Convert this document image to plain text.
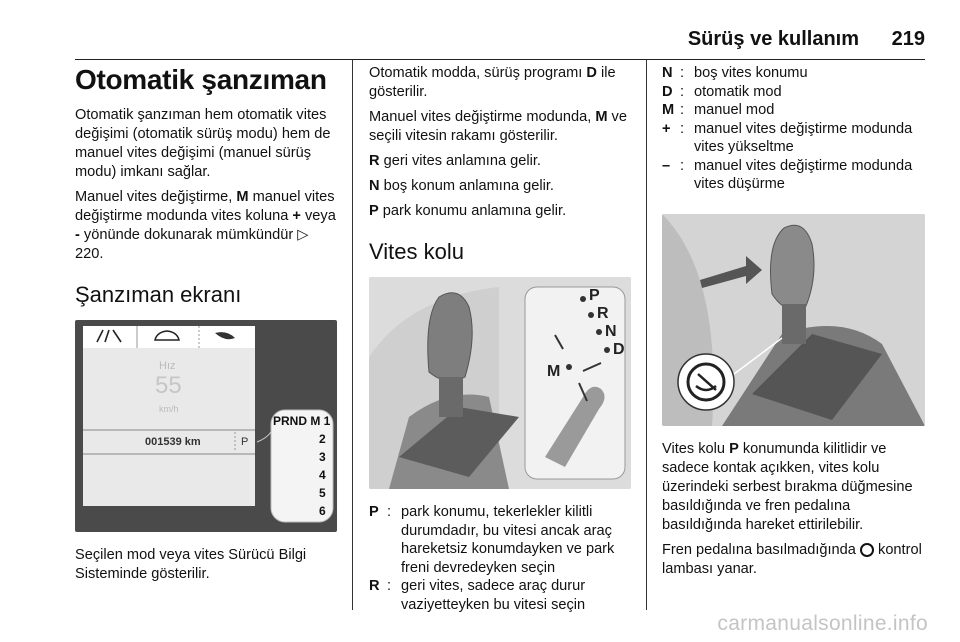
Sürüş ve kullanım 219
Otomatik şanzıman

Otomatik şanzıman hem otomatik vites değişimi (otomatik sürüş modu) hem de manuel vites değişimi (manuel sürüş modu) imkanı sağlar.

Manuel vites değiştirme, M manuel vites değiştirme modunda vites koluna + veya - yönünde dokunarak mümkündür ▷ 220.

Şanzıman ekranı
Hız
55
km/h
001539 km	P
PRND M 1
2
3
4
5
6

Seçilen mod veya vites Sürücü Bilgi Sisteminde gösterilir.

Otomatik modda, sürüş programı D ile gösterilir.

Manuel vites değiştirme modunda, M ve seçili vitesin rakamı gösterilir.

R geri vites anlamına gelir.

N boş konum anlamına gelir.

P park konumu anlamına gelir.

Vites kolu
P
R
N
D
M
P : park konumu, tekerlekler kilitli durumdadır, bu vitesi ancak araç hareketsiz konumdayken ve park freni devredeyken seçin
R : geri vites, sadece araç durur vaziyetteyken bu vitesi seçin
N : boş vites konumu
D : otomatik mod
M : manuel mod
+ : manuel vites değiştirme modunda vites yükseltme
– : manuel vites değiştirme modunda vites düşürme

Vites kolu P konumunda kilitlidir ve sadece kontak açıkken, vites kolu üzerindeki serbest bırakma düğmesine basıldığında ve fren pedalına basıldığında hareket ettirilebilir.

Fren pedalına basılmadığında  kontrol lambası yanar.

carmanualsonline.info
